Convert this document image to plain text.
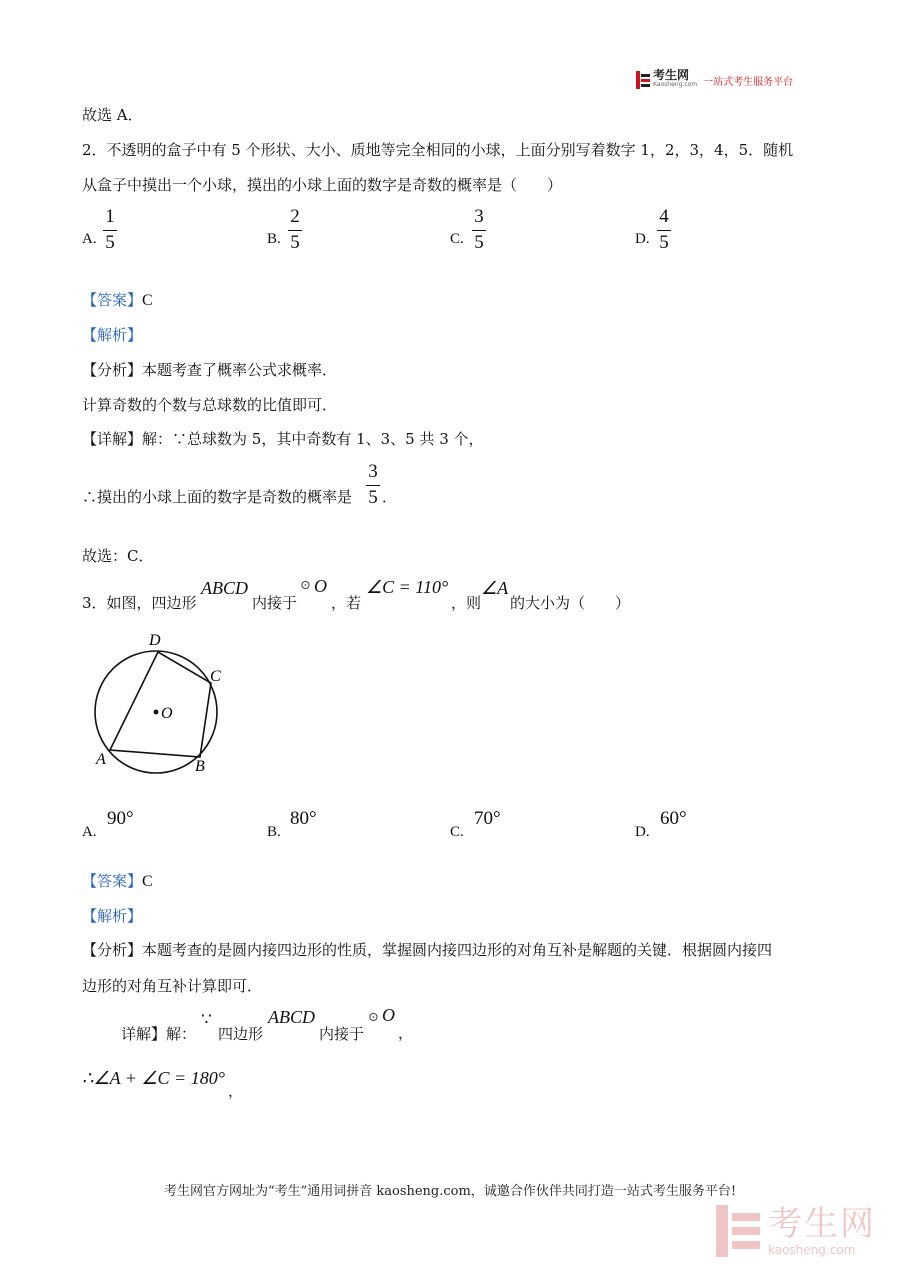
考生网
Kaosheng.com 一站式考生服务平台
故选 A．
2．不透明的盒子中有 5 个形状、大小、质地等完全相同的小球，上面分别写着数字 1，2，3，4，5．随机
从盒子中摸出一个小球，摸出的小球上面的数字是奇数的概率是（　　）
A.
1
5	B.
2
5	C.
3
5	D.
4
5
【答案】C
【解析】
【分析】本题考查了概率公式求概率．
计算奇数的个数与总球数的比值即可．
【详解】解：∵总球数为 5，其中奇数有 1、3、5 共 3 个，
∴摸出的小球上面的数字是奇数的概率是
3
5 ．
故选：C．
3．如图，四边形
ABCD
内接于
⊙ O
，若
∠C = 110°
，则
∠A
的大小为（　　）
D
C
O
A	B
A.
90°
B.
80°
C.
70°
D.
60°
【答案】C
【解析】
【分析】本题考查的是圆内接四边形的性质，掌握圆内接四边形的对角互补是解题的关键．根据圆内接四
边形的对角互补计算即可．
详解】解：
∵
四边形
ABCD
内接于
⊙ O
，
∴∠A + ∠C = 180°
，
考生网官方网址为“考生”通用词拼音 kaosheng.com，诚邀合作伙伴共同打造一站式考生服务平台!
考生网
kaosheng.com
